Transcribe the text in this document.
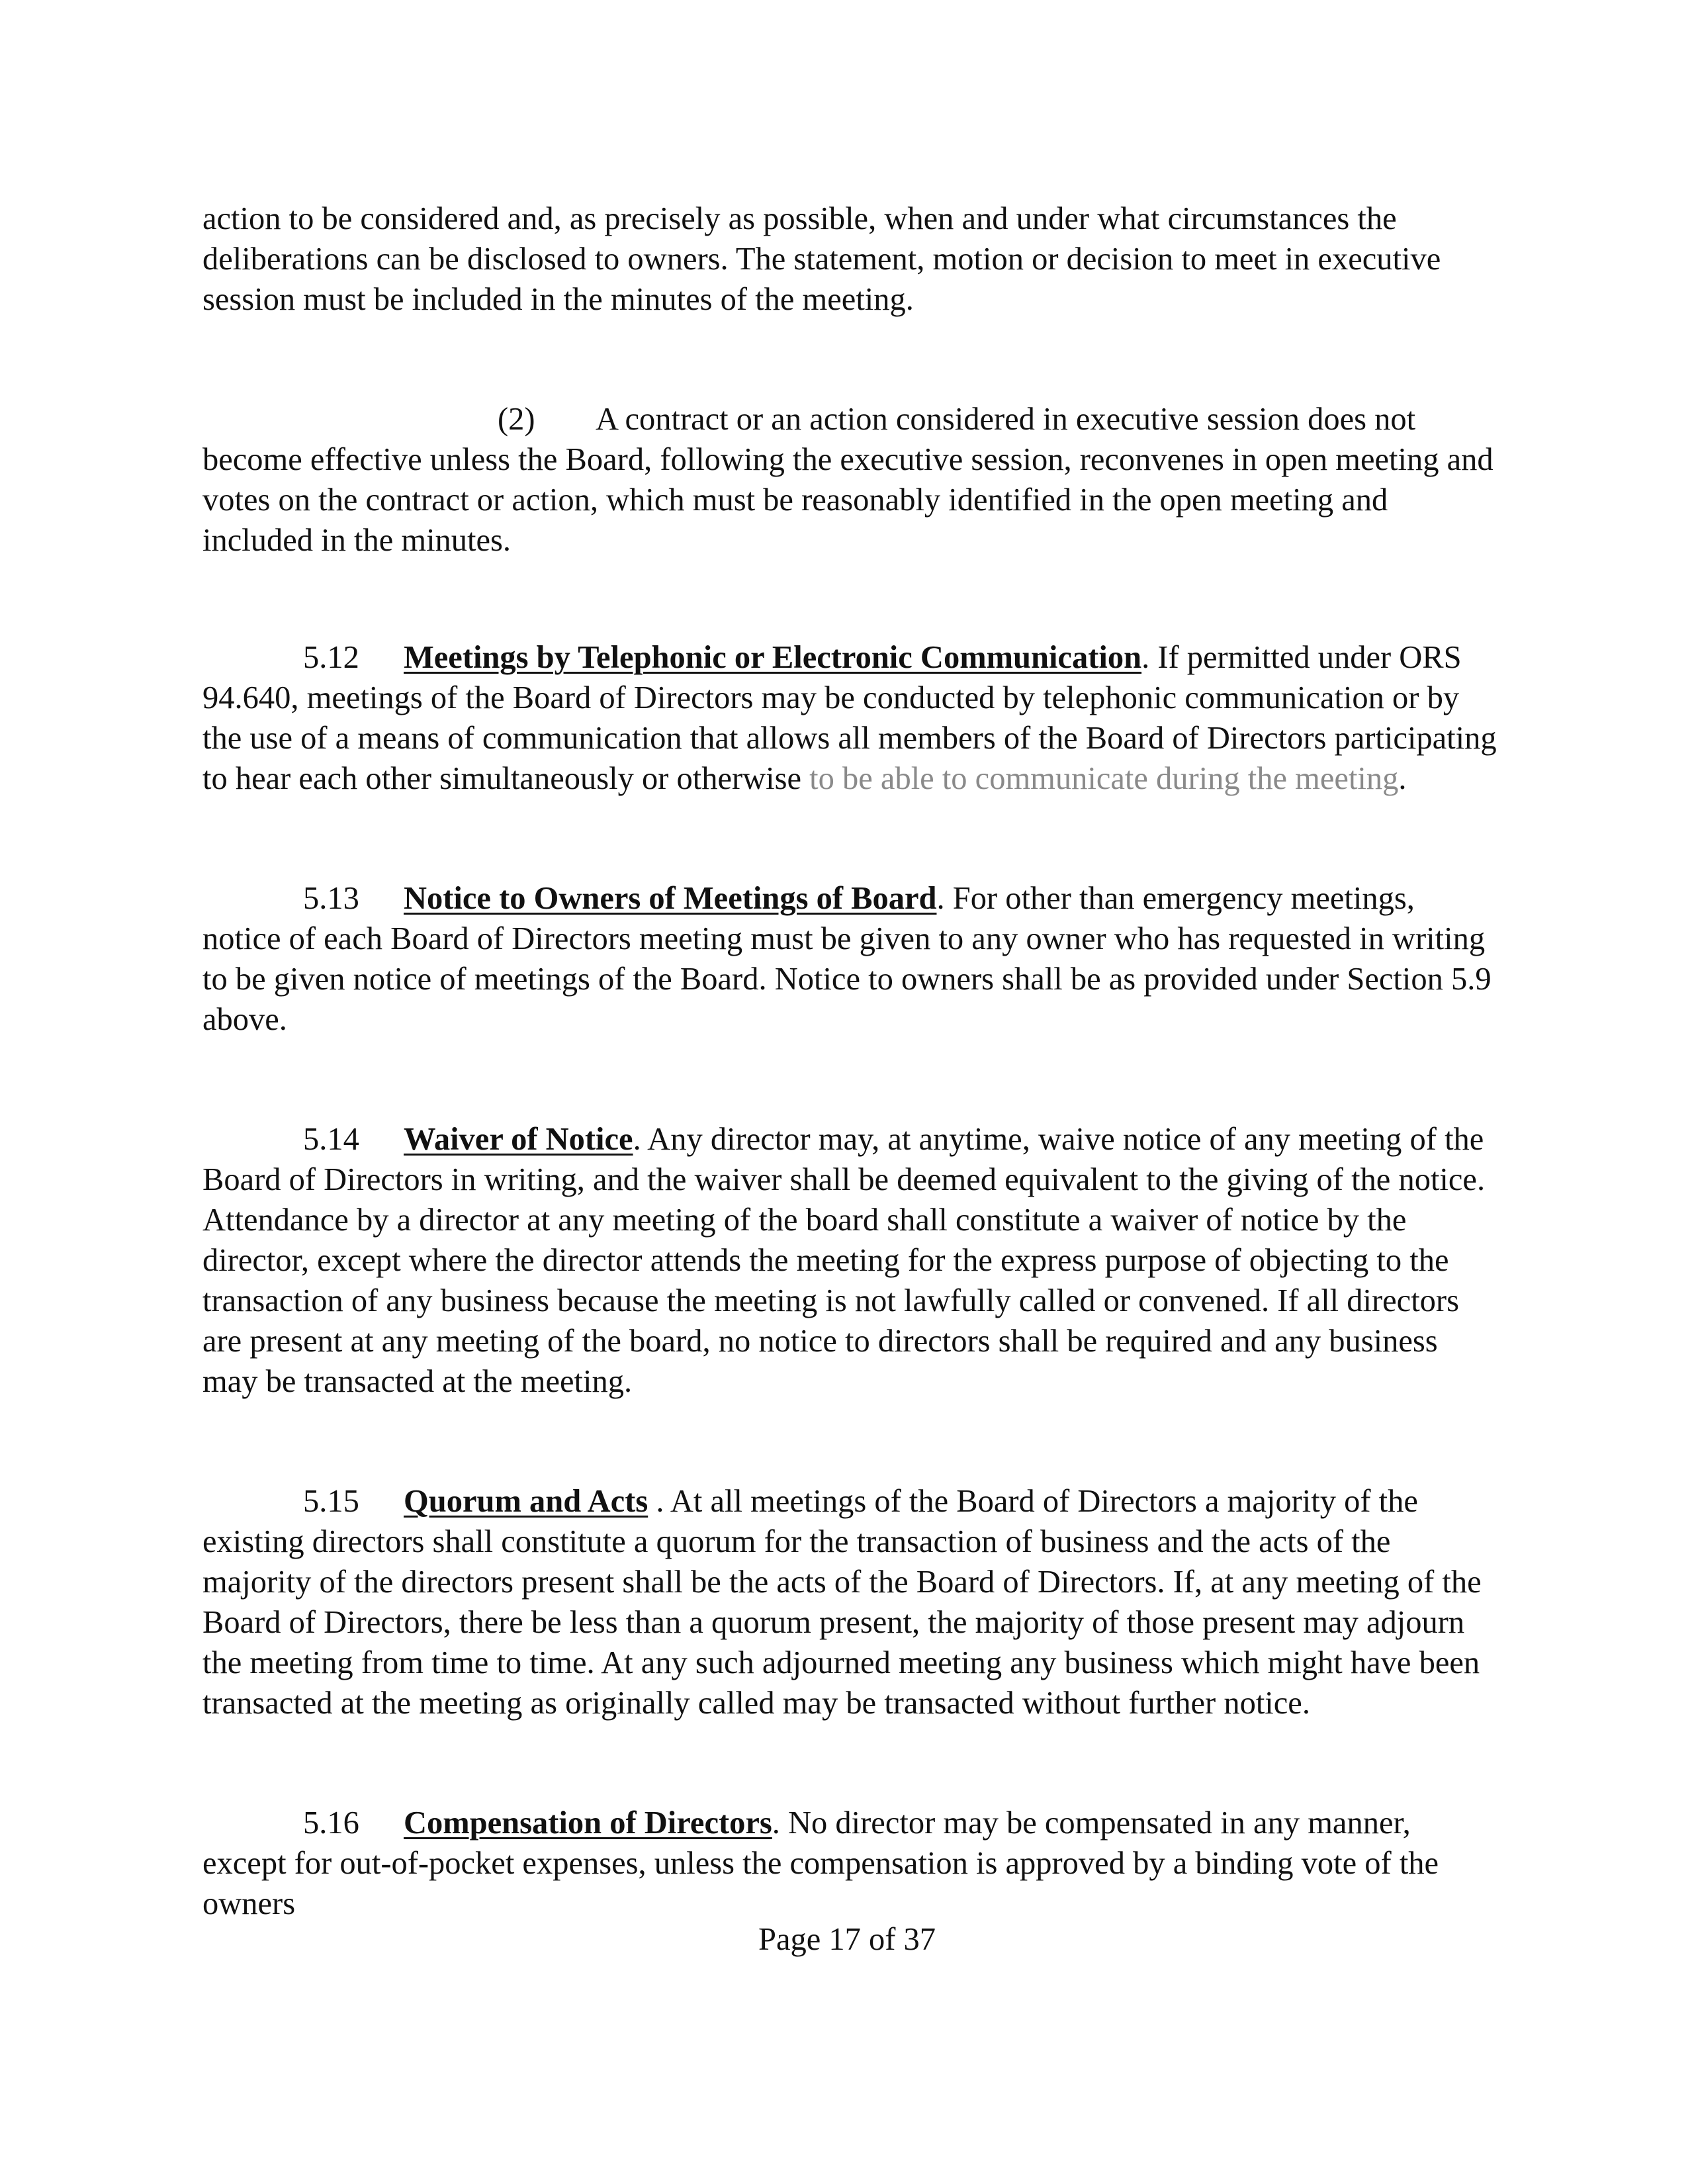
action to be considered and, as precisely as possible, when and under what circumstances the deliberations can be disclosed to owners. The statement, motion or decision to meet in executive session must be included in the minutes of the meeting.

(2) A contract or an action considered in executive session does not become effective unless the Board, following the executive session, reconvenes in open meeting and votes on the contract or action, which must be reasonably identified in the open meeting and included in the minutes.

5.12 Meetings by Telephonic or Electronic Communication. If permitted under ORS 94.640, meetings of the Board of Directors may be conducted by telephonic communication or by the use of a means of communication that allows all members of the Board of Directors participating to hear each other simultaneously or otherwise to be able to communicate during the meeting.

5.13 Notice to Owners of Meetings of Board. For other than emergency meetings, notice of each Board of Directors meeting must be given to any owner who has requested in writing to be given notice of meetings of the Board. Notice to owners shall be as provided under Section 5.9 above.

5.14 Waiver of Notice. Any director may, at anytime, waive notice of any meeting of the Board of Directors in writing, and the waiver shall be deemed equivalent to the giving of the notice. Attendance by a director at any meeting of the board shall constitute a waiver of notice by the director, except where the director attends the meeting for the express purpose of objecting to the transaction of any business because the meeting is not lawfully called or convened. If all directors are present at any meeting of the board, no notice to directors shall be required and any business may be transacted at the meeting.

5.15 Quorum and Acts . At all meetings of the Board of Directors a majority of the existing directors shall constitute a quorum for the transaction of business and the acts of the majority of the directors present shall be the acts of the Board of Directors. If, at any meeting of the Board of Directors, there be less than a quorum present, the majority of those present may adjourn the meeting from time to time. At any such adjourned meeting any business which might have been transacted at the meeting as originally called may be transacted without further notice.

5.16 Compensation of Directors. No director may be compensated in any manner, except for out-of-pocket expenses, unless the compensation is approved by a binding vote of the owners

Page 17 of 37
